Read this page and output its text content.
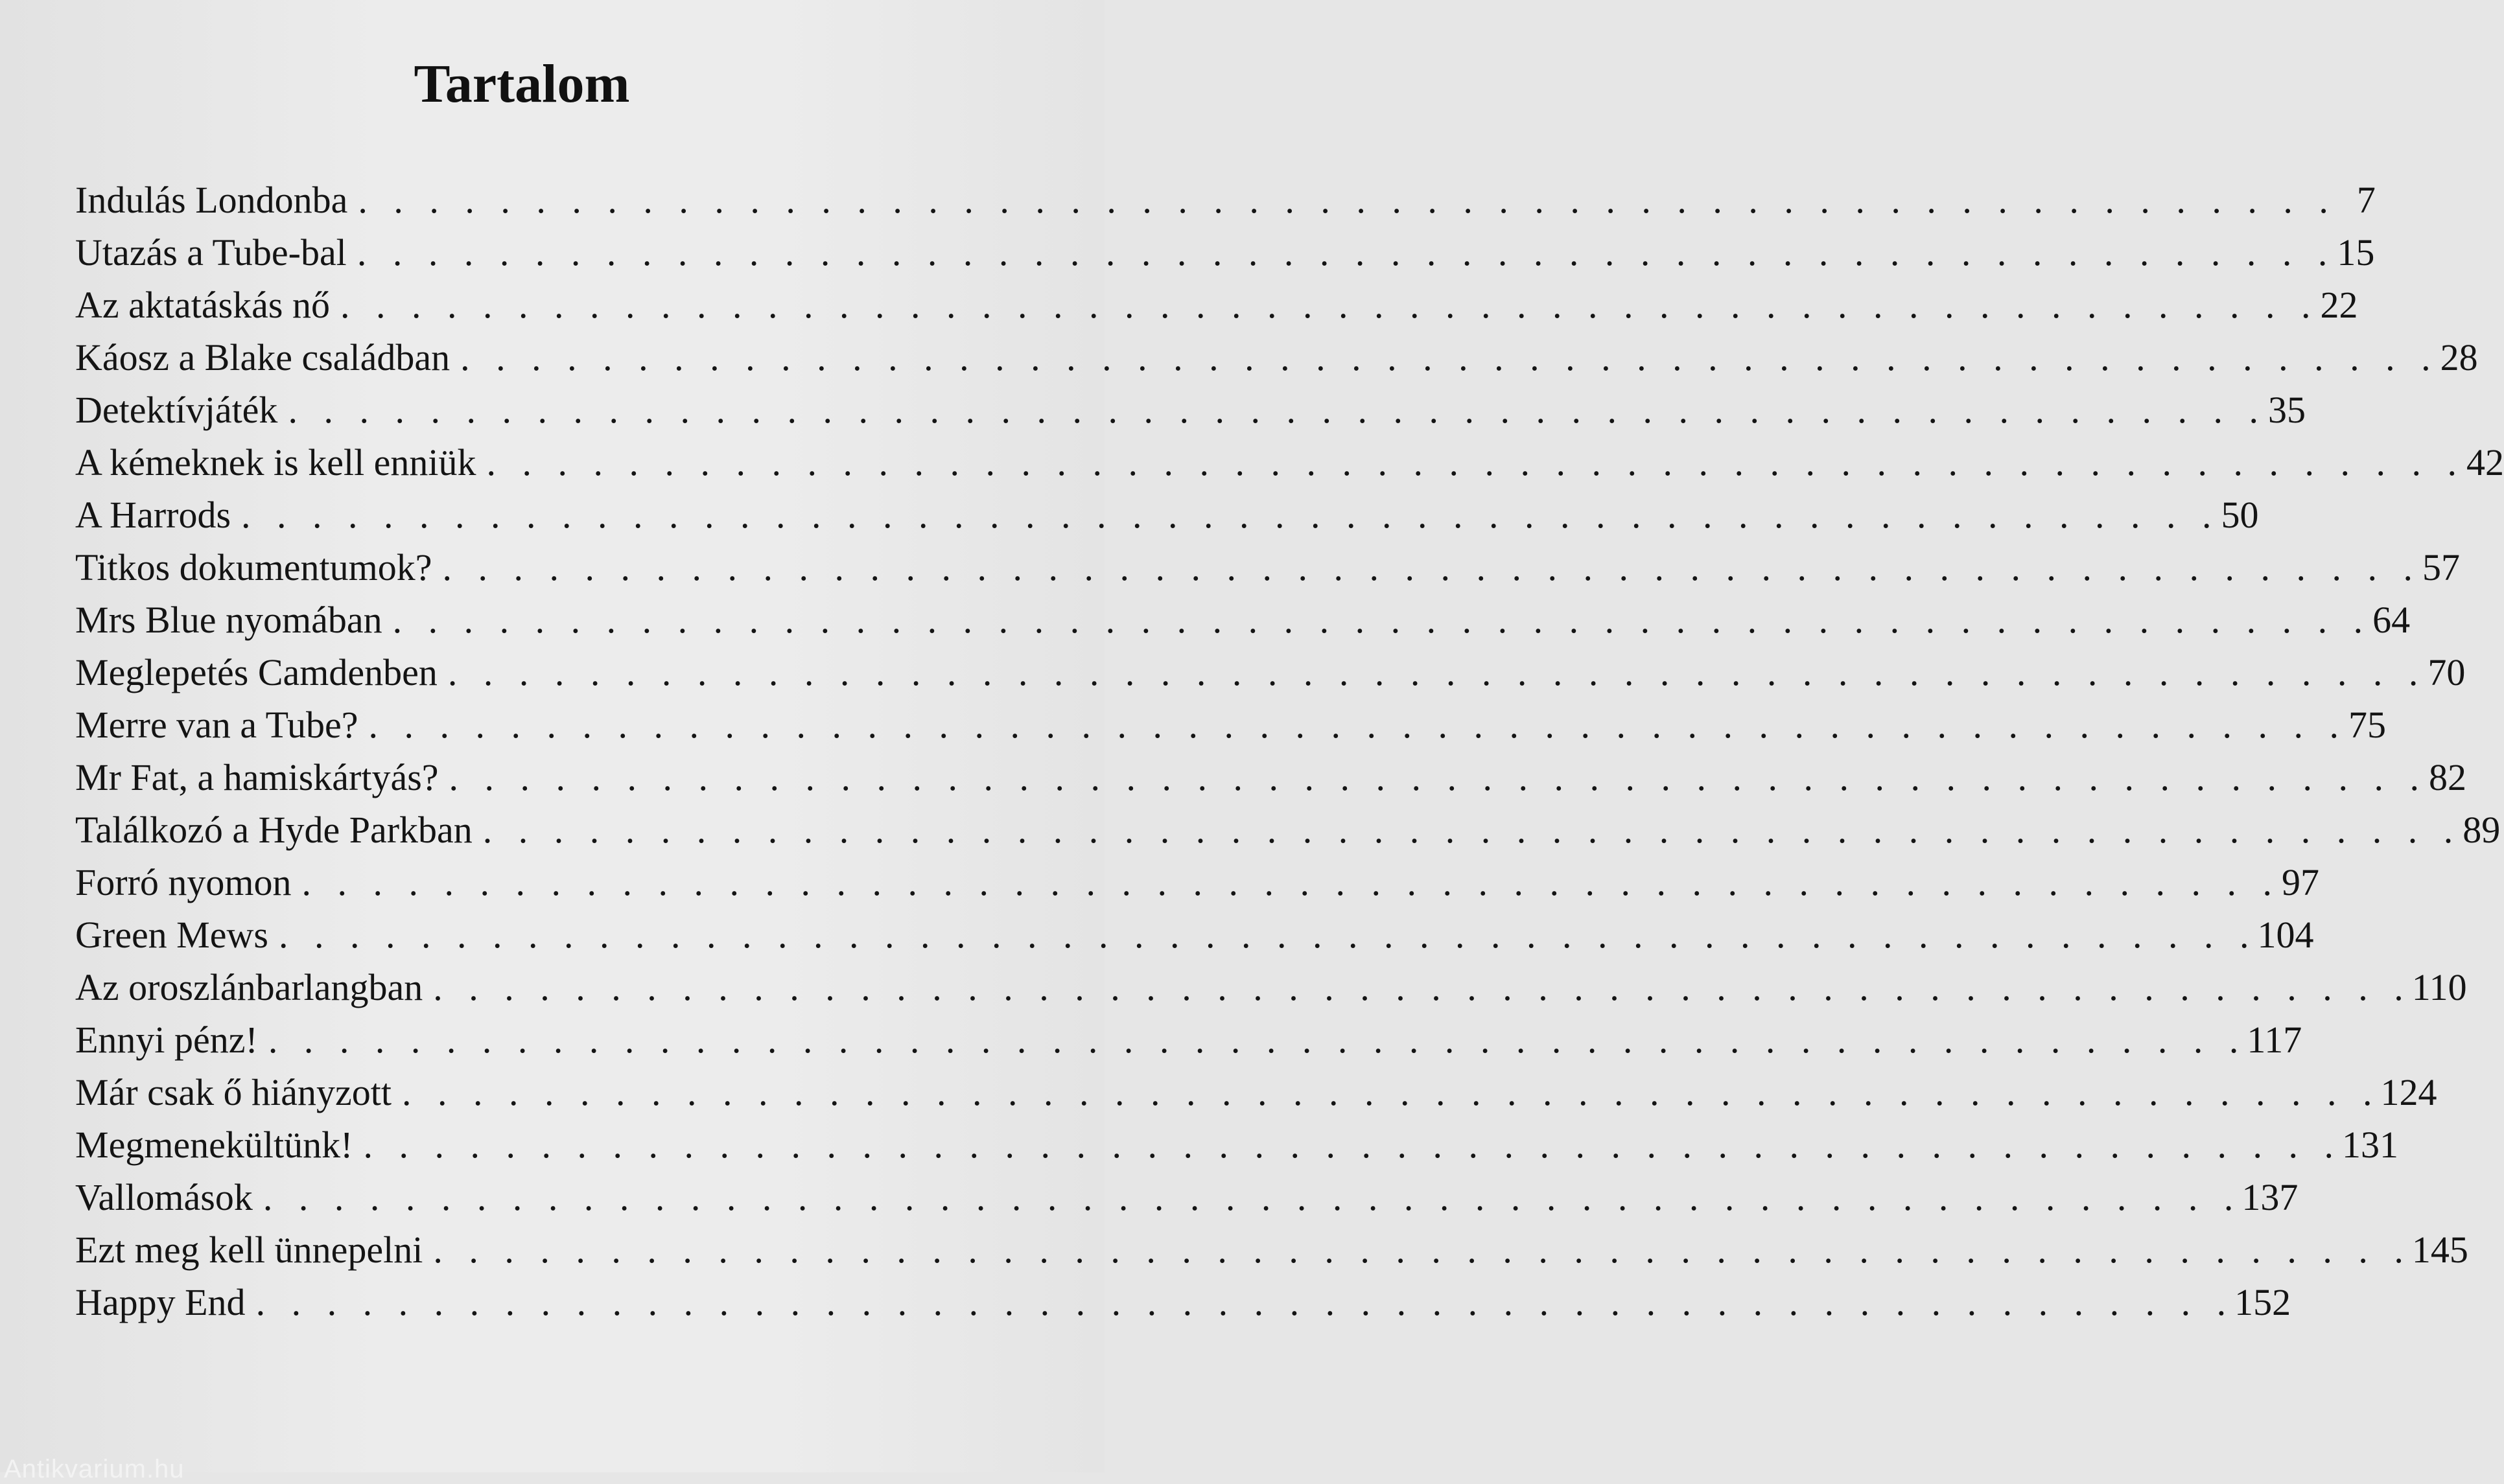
Tartalom
Indulás Londonba . . . . . . . . . . . . . . . . . . . . . . . . . . . . . . . . . . . . . . . . . . . . . . . . . . . . . . . . 7
Utazás a Tube-bal . . . . . . . . . . . . . . . . . . . . . . . . . . . . . . . . . . . . . . . . . . . . . . . . . . . . . . . . 15
Az aktatáskás nő . . . . . . . . . . . . . . . . . . . . . . . . . . . . . . . . . . . . . . . . . . . . . . . . . . . . . . . . 22
Káosz a Blake családban . . . . . . . . . . . . . . . . . . . . . . . . . . . . . . . . . . . . . . . . . . . . . . . . . . . . . . . . 28
Detektívjáték . . . . . . . . . . . . . . . . . . . . . . . . . . . . . . . . . . . . . . . . . . . . . . . . . . . . . . . . 35
A kémeknek is kell enniük . . . . . . . . . . . . . . . . . . . . . . . . . . . . . . . . . . . . . . . . . . . . . . . . . . . . . . . . 42
A Harrods . . . . . . . . . . . . . . . . . . . . . . . . . . . . . . . . . . . . . . . . . . . . . . . . . . . . . . . . 50
Titkos dokumentumok? . . . . . . . . . . . . . . . . . . . . . . . . . . . . . . . . . . . . . . . . . . . . . . . . . . . . . . . . 57
Mrs Blue nyomában . . . . . . . . . . . . . . . . . . . . . . . . . . . . . . . . . . . . . . . . . . . . . . . . . . . . . . . . 64
Meglepetés Camdenben . . . . . . . . . . . . . . . . . . . . . . . . . . . . . . . . . . . . . . . . . . . . . . . . . . . . . . . . 70
Merre van a Tube? . . . . . . . . . . . . . . . . . . . . . . . . . . . . . . . . . . . . . . . . . . . . . . . . . . . . . . . . 75
Mr Fat, a hamiskártyás? . . . . . . . . . . . . . . . . . . . . . . . . . . . . . . . . . . . . . . . . . . . . . . . . . . . . . . . . 82
Találkozó a Hyde Parkban . . . . . . . . . . . . . . . . . . . . . . . . . . . . . . . . . . . . . . . . . . . . . . . . . . . . . . . . 89
Forró nyomon . . . . . . . . . . . . . . . . . . . . . . . . . . . . . . . . . . . . . . . . . . . . . . . . . . . . . . . . 97
Green Mews . . . . . . . . . . . . . . . . . . . . . . . . . . . . . . . . . . . . . . . . . . . . . . . . . . . . . . . . 104
Az oroszlánbarlangban . . . . . . . . . . . . . . . . . . . . . . . . . . . . . . . . . . . . . . . . . . . . . . . . . . . . . . . . 110
Ennyi pénz! . . . . . . . . . . . . . . . . . . . . . . . . . . . . . . . . . . . . . . . . . . . . . . . . . . . . . . . . 117
Már csak ő hiányzott . . . . . . . . . . . . . . . . . . . . . . . . . . . . . . . . . . . . . . . . . . . . . . . . . . . . . . . . 124
Megmenekültünk! . . . . . . . . . . . . . . . . . . . . . . . . . . . . . . . . . . . . . . . . . . . . . . . . . . . . . . . . 131
Vallomások . . . . . . . . . . . . . . . . . . . . . . . . . . . . . . . . . . . . . . . . . . . . . . . . . . . . . . . . 137
Ezt meg kell ünnepelni . . . . . . . . . . . . . . . . . . . . . . . . . . . . . . . . . . . . . . . . . . . . . . . . . . . . . . . . 145
Happy End . . . . . . . . . . . . . . . . . . . . . . . . . . . . . . . . . . . . . . . . . . . . . . . . . . . . . . . . 152
Antikvarium.hu
